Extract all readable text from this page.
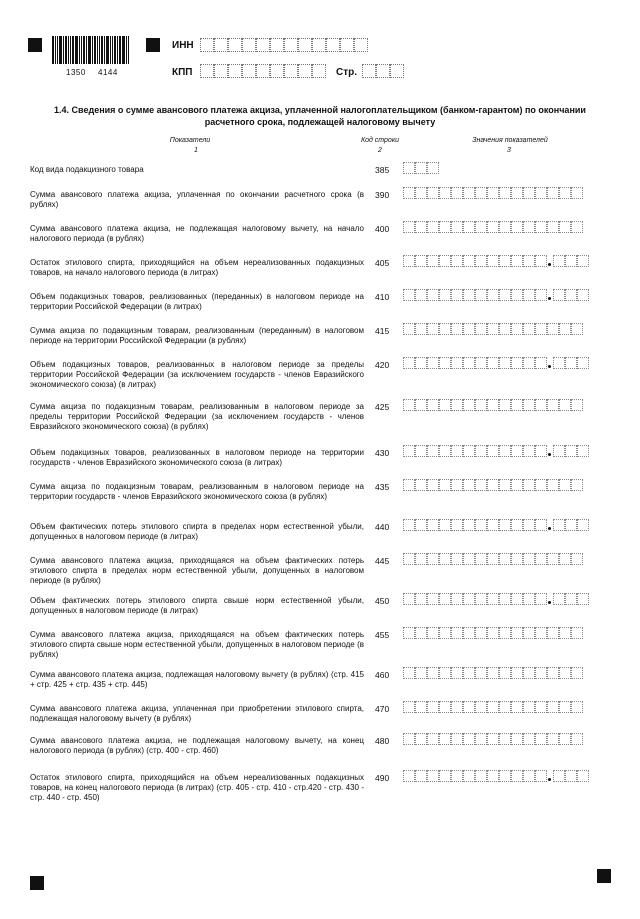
1350 4144
ИНН
КПП	Стр.
1.4. Сведения о сумме авансового платежа акциза, уплаченной налогоплательщиком (банком-гарантом) по окончании расчетного срока, подлежащей налоговому вычету
Показатели
1
Код строки
2
Значения показателей
3
Код вида подакцизного товара	385
Сумма авансового платежа акциза, уплаченная по окончании расчетного срока (в рублях)
390
Сумма авансового платежа акциза, не подлежащая налоговому вычету, на начало налогового периода (в рублях)
400
Остаток этилового спирта, приходящийся на объем нереализованных подакцизных товаров, на начало налогового периода (в литрах)
405
Объем подакцизных товаров, реализованных (переданных) в налоговом периоде на территории Российской Федерации (в литрах)
410
Сумма акциза по подакцизным товарам, реализованным (переданным) в налоговом периоде на территории Российской Федерации (в рублях)
415
Объем подакцизных товаров, реализованных в налоговом периоде за пределы территории Российской Федерации (за исключением государств - членов Евразийского экономического союза) (в литрах)
420
Сумма акциза по подакцизным товарам, реализованным в налоговом периоде за пределы территории Российской Федерации (за исключением государств - членов Евразийского экономического союза) (в рублях)
425
Объем подакцизных товаров, реализованных в налоговом периоде на территории государств - членов Евразийского экономического союза (в литрах)
430
Сумма акциза по подакцизным товарам, реализованным в налоговом периоде на территории государств - членов Евразийского экономического союза (в рублях)
435
Объем фактических потерь этилового спирта в пределах норм естественной убыли, допущенных в налоговом периоде (в литрах)
440
Сумма авансового платежа акциза, приходящаяся на объем фактических потерь этилового спирта в пределах норм естественной убыли, допущенных в налоговом периоде (в рублях)
445
Объем фактических потерь этилового спирта свыше норм естественной убыли, допущенных в налоговом периоде (в литрах)
450
Сумма авансового платежа акциза, приходящаяся на объем фактических потерь этилового спирта свыше норм естественной убыли, допущенных в налоговом периоде (в рублях)
455
Сумма авансового платежа акциза, подлежащая налоговому вычету (в рублях) (стр. 415 + стр. 425 + стр. 435 + стр. 445)
460
Сумма авансового платежа акциза, уплаченная при приобретении этилового спирта, подлежащая налоговому вычету (в рублях)
470
Сумма авансового платежа акциза, не подлежащая налоговому вычету, на конец налогового периода (в рублях) (стр. 400 - стр. 460)
480
Остаток этилового спирта, приходящийся на объем нереализованных подакцизных товаров, на конец налогового периода (в литрах) (стр. 405 - стр. 410 - стр.420 - стр. 430 - стр. 440 - стр. 450)
490
